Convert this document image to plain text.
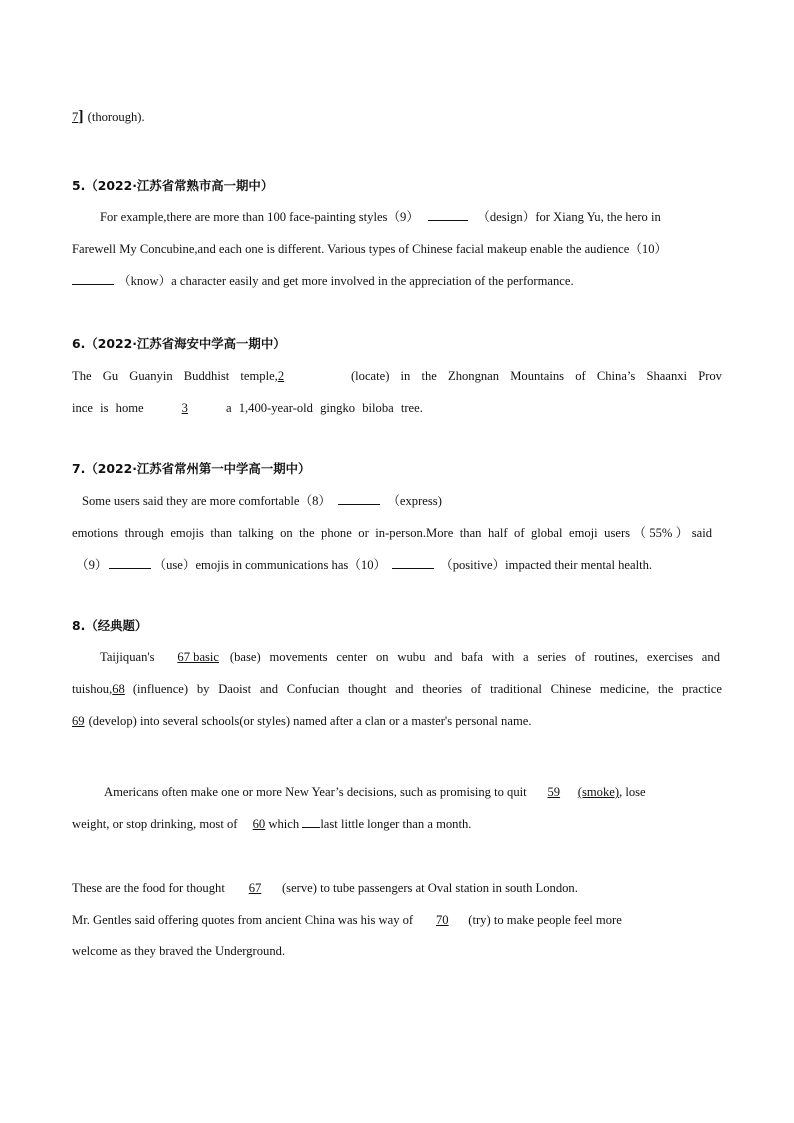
7] (thorough).
5.（2022·江苏省常熟市高一期中）
For example,there are more than 100 face-painting styles（9）	（design）for Xiang Yu, the hero in
Farewell My Concubine,and each one is different. Various types of Chinese facial makeup enable the audience（10）
（know）a character easily and get more involved in the appreciation of the performance.
6.（2022·江苏省海安中学高一期中）
The Gu Guanyin Buddhist temple,2	(locate) in the Zhongnan Mountains of China’s Shaanxi Prov
ince is home	3	a 1,400-year-old gingko biloba tree.
7.（2022·江苏省常州第一中学高一期中）
Some users said they are more comfortable（8）	（express)
emotions through emojis than talking on the phone or in-person.More than half of global emoji users（55%）said
（9）	（use）emojis in communications has（10）	（positive）impacted their mental health.
8.（经典题）
Taijiquan's 67 basic (base) movements center on wubu and bafa with a series of routines, exercises and
tuishou,68 (influence) by Daoist and Confucian thought and theories of traditional Chinese medicine, the practice
69 (develop) into several schools(or styles) named after a clan or a master's personal name.
Americans often make one or more New Year’s decisions, such as promising to quit 59 (smoke), lose
weight, or stop drinking, most of 60 which last little longer than a month.
These are the food for thought 67 (serve) to tube passengers at Oval station in south London.
Mr. Gentles said offering quotes from ancient China was his way of 70 (try) to make people feel more
welcome as they braved the Underground.
